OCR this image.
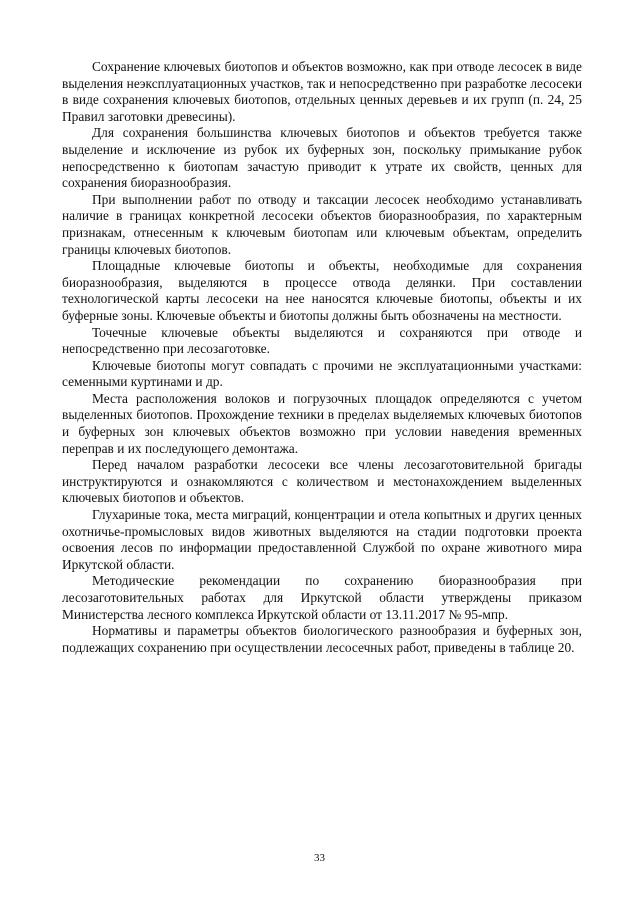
Сохранение ключевых биотопов и объектов возможно, как при отводе лесосек в виде выделения неэксплуатационных участков, так и непосредственно при разработке лесосеки в виде сохранения ключевых биотопов, отдельных ценных деревьев и их групп (п. 24, 25 Правил заготовки древесины).

Для сохранения большинства ключевых биотопов и объектов требуется также выделение и исключение из рубок их буферных зон, поскольку примыкание рубок непосредственно к биотопам зачастую приводит к утрате их свойств, ценных для сохранения биоразнообразия.

При выполнении работ по отводу и таксации лесосек необходимо устанавливать наличие в границах конкретной лесосеки объектов биоразнообразия, по характерным признакам, отнесенным к ключевым биотопам или ключевым объектам, определить границы ключевых биотопов.

Площадные ключевые биотопы и объекты, необходимые для сохранения биоразнообразия, выделяются в процессе отвода делянки. При составлении технологической карты лесосеки на нее наносятся ключевые биотопы, объекты и их буферные зоны. Ключевые объекты и биотопы должны быть обозначены на местности.

Точечные ключевые объекты выделяются и сохраняются при отводе и непосредственно при лесозаготовке.

Ключевые биотопы могут совпадать с прочими не эксплуатационными участками: семенными куртинами и др.

Места расположения волоков и погрузочных площадок определяются с учетом выделенных биотопов. Прохождение техники в пределах выделяемых ключевых биотопов и буферных зон ключевых объектов возможно при условии наведения временных переправ и их последующего демонтажа.

Перед началом разработки лесосеки все члены лесозаготовительной бригады инструктируются и ознакомляются с количеством и местонахождением выделенных ключевых биотопов и объектов.

Глухариные тока, места миграций, концентрации и отела копытных и других ценных охотничье-промысловых видов животных выделяются на стадии подготовки проекта освоения лесов по информации предоставленной Службой по охране животного мира Иркутской области.

Методические рекомендации по сохранению биоразнообразия при лесозаготовительных работах для Иркутской области утверждены приказом Министерства лесного комплекса Иркутской области от 13.11.2017 № 95-мпр.

Нормативы и параметры объектов биологического разнообразия и буферных зон, подлежащих сохранению при осуществлении лесосечных работ, приведены в таблице 20.

33
